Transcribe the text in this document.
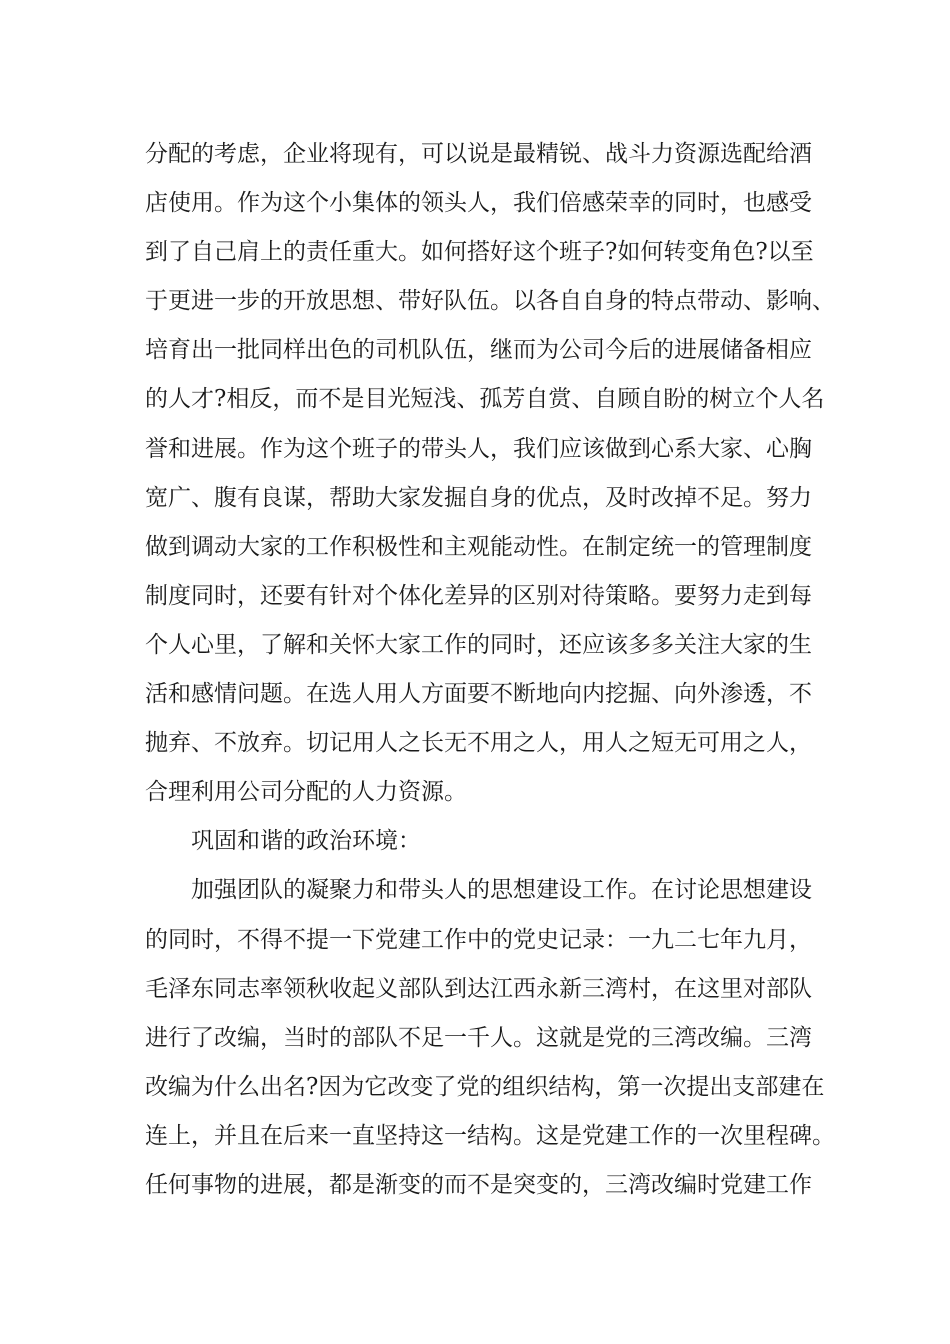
分配的考虑，企业将现有，可以说是最精锐、战斗力资源选配给酒
店使用。作为这个小集体的领头人，我们倍感荣幸的同时，也感受
到了自己肩上的责任重大。如何搭好这个班子?如何转变角色?以至
于更进一步的开放思想、带好队伍。以各自自身的特点带动、影响、
培育出一批同样出色的司机队伍，继而为公司今后的进展储备相应
的人才?相反，而不是目光短浅、孤芳自赏、自顾自盼的树立个人名
誉和进展。作为这个班子的带头人，我们应该做到心系大家、心胸
宽广、腹有良谋，帮助大家发掘自身的优点，及时改掉不足。努力
做到调动大家的工作积极性和主观能动性。在制定统一的管理制度
制度同时，还要有针对个体化差异的区别对待策略。要努力走到每
个人心里，了解和关怀大家工作的同时，还应该多多关注大家的生
活和感情问题。在选人用人方面要不断地向内挖掘、向外渗透，不
抛弃、不放弃。切记用人之长无不用之人，用人之短无可用之人，
合理利用公司分配的人力资源。
巩固和谐的政治环境：
加强团队的凝聚力和带头人的思想建设工作。在讨论思想建设
的同时，不得不提一下党建工作中的党史记录：一九二七年九月，
毛泽东同志率领秋收起义部队到达江西永新三湾村，在这里对部队
进行了改编，当时的部队不足一千人。这就是党的三湾改编。三湾
改编为什么出名?因为它改变了党的组织结构，第一次提出支部建在
连上，并且在后来一直坚持这一结构。这是党建工作的一次里程碑。
任何事物的进展，都是渐变的而不是突变的，三湾改编时党建工作
